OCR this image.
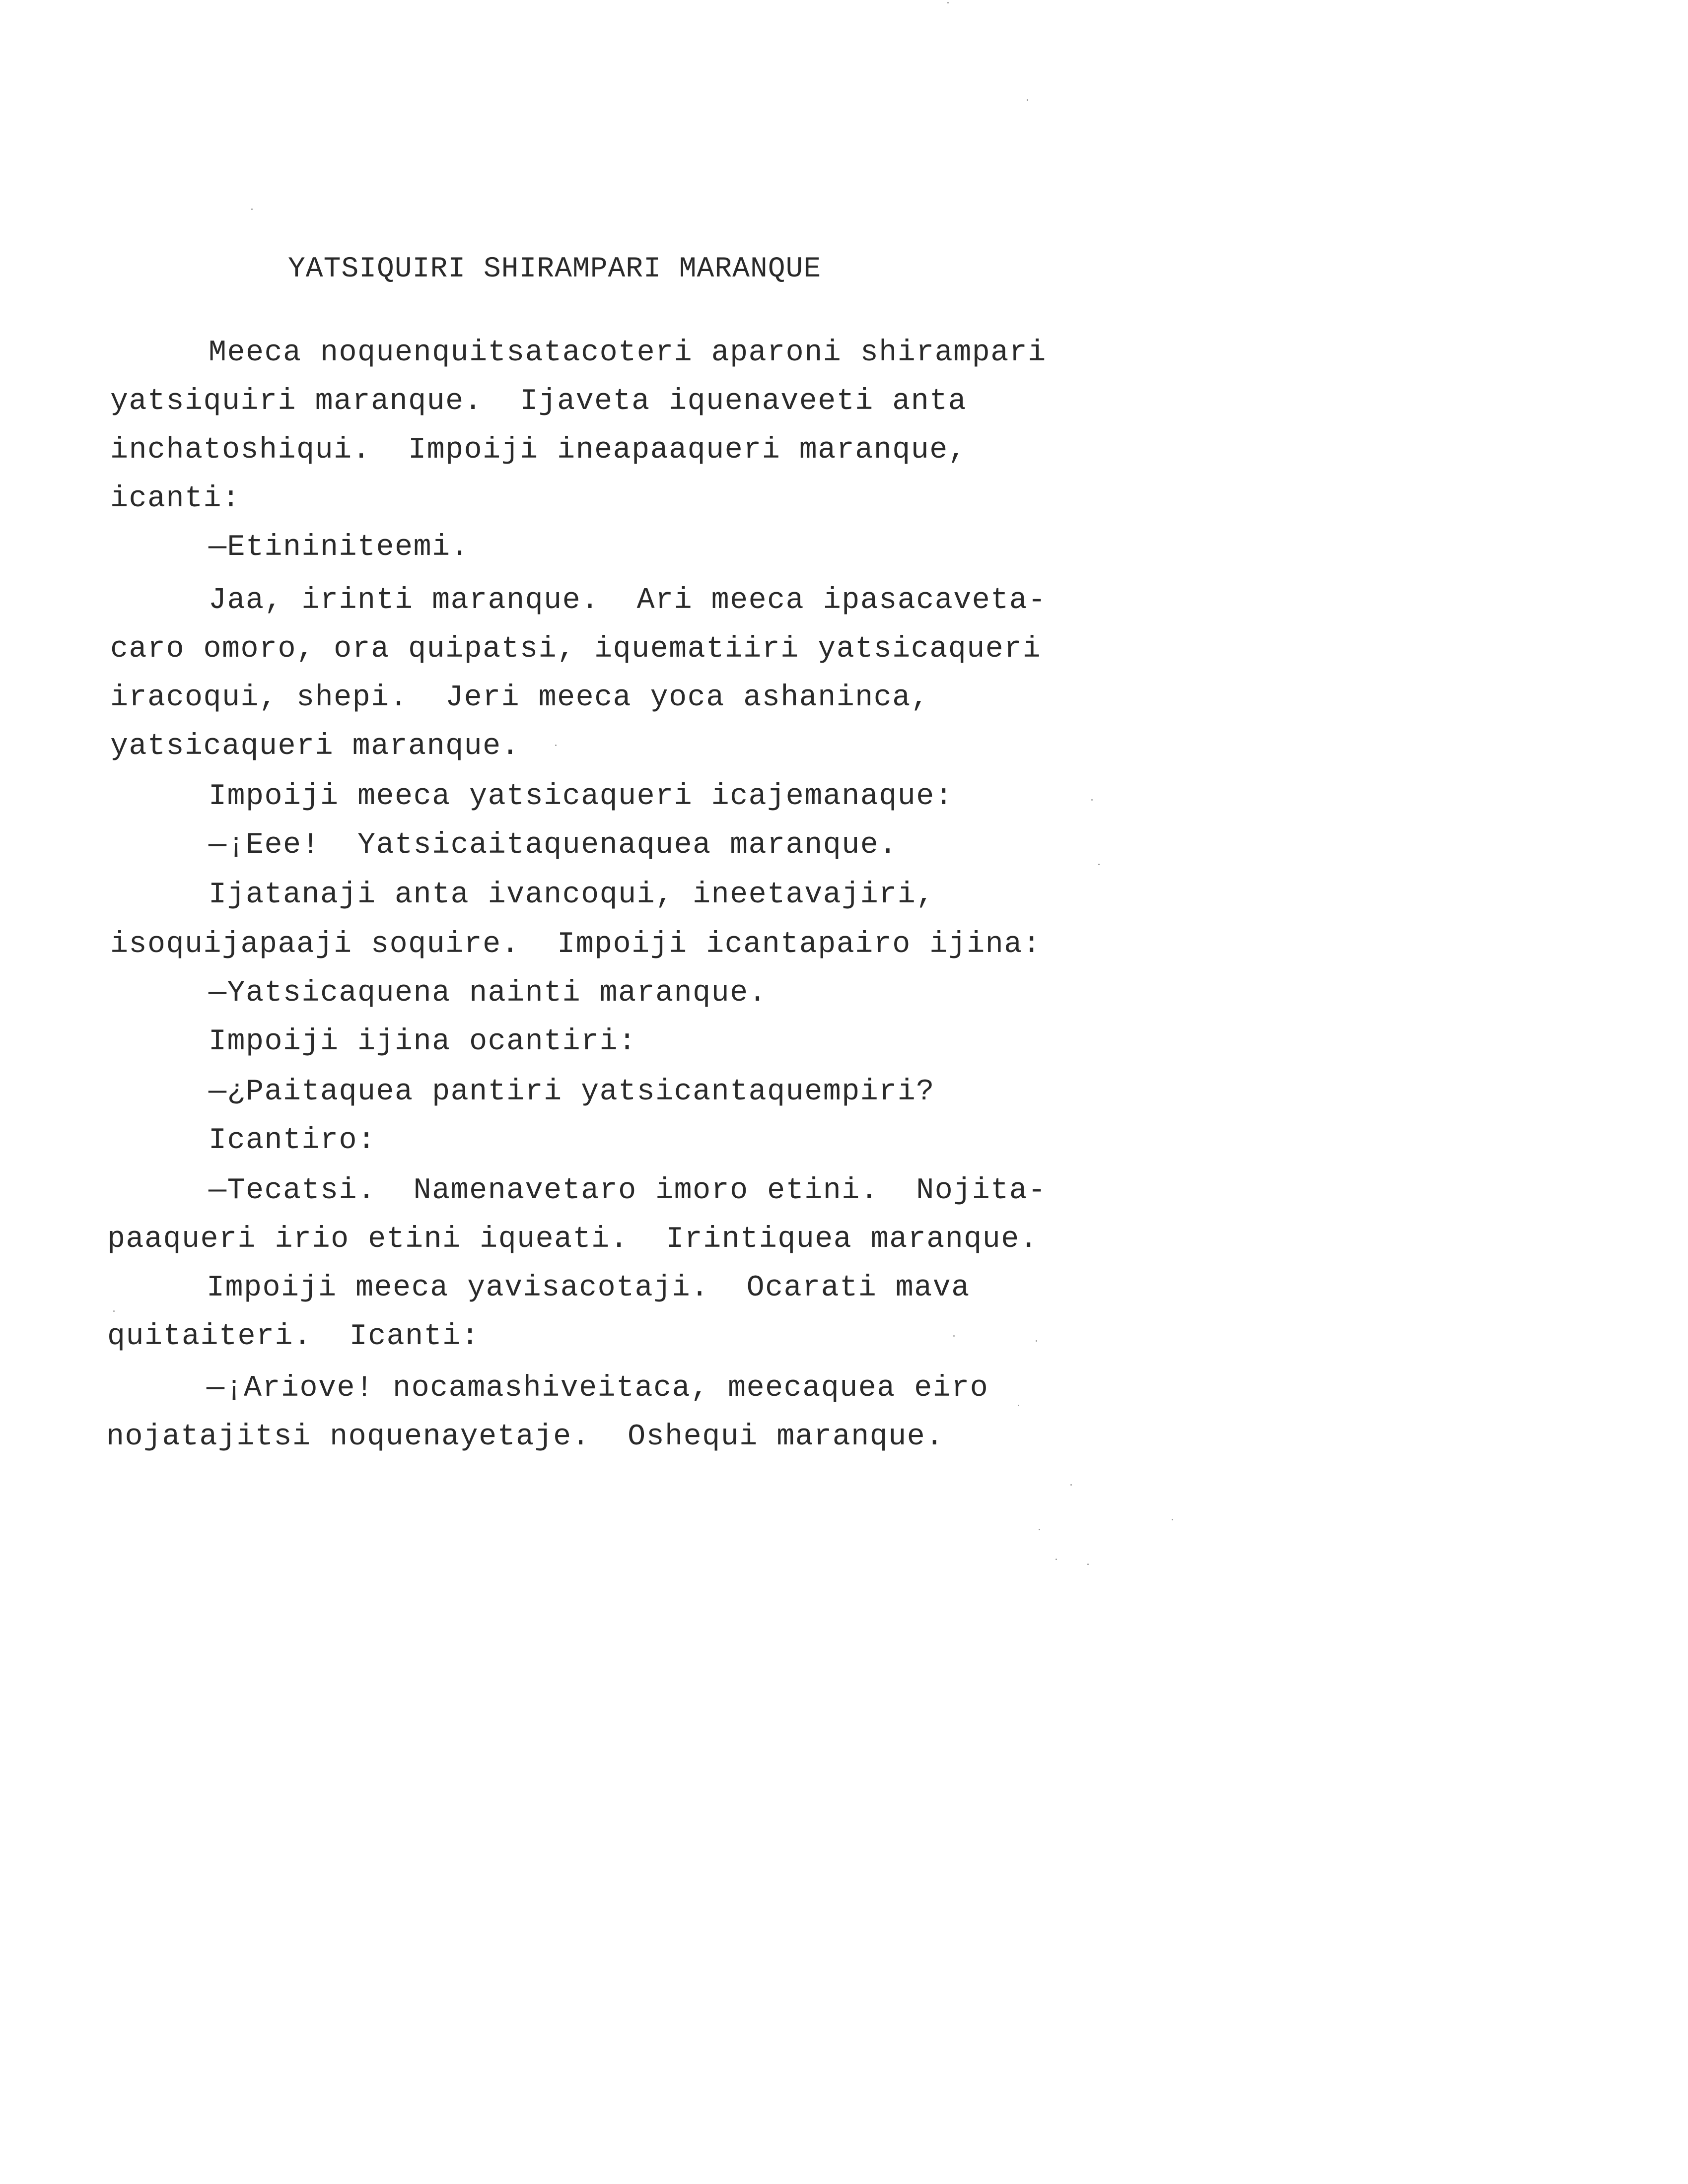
YATSIQUIRI SHIRAMPARI MARANQUE
Meeca noquenquitsatacoteri aparoni shirampari
yatsiquiri maranque.  Ijaveta iquenaveeti anta
inchatoshiqui.  Impoiji ineapaaqueri maranque,
icanti:
—Etininiteemi.
Jaa, irinti maranque.  Ari meeca ipasacaveta-
caro omoro, ora quipatsi, iquematiiri yatsicaqueri
iracoqui, shepi.  Jeri meeca yoca ashaninca,
yatsicaqueri maranque.
Impoiji meeca yatsicaqueri icajemanaque:
—¡Eee!  Yatsicaitaquenaquea maranque.
Ijatanaji anta ivancoqui, ineetavajiri,
isoquijapaaji soquire.  Impoiji icantapairo ijina:
—Yatsicaquena nainti maranque.
Impoiji ijina ocantiri:
—¿Paitaquea pantiri yatsicantaquempiri?
Icantiro:
—Tecatsi.  Namenavetaro imoro etini.  Nojita-
paaqueri irio etini iqueati.  Irintiquea maranque.
Impoiji meeca yavisacotaji.  Ocarati mava
quitaiteri.  Icanti:
—¡Ariove! nocamashiveitaca, meecaquea eiro
nojatajitsi noquenayetaje.  Oshequi maranque.
